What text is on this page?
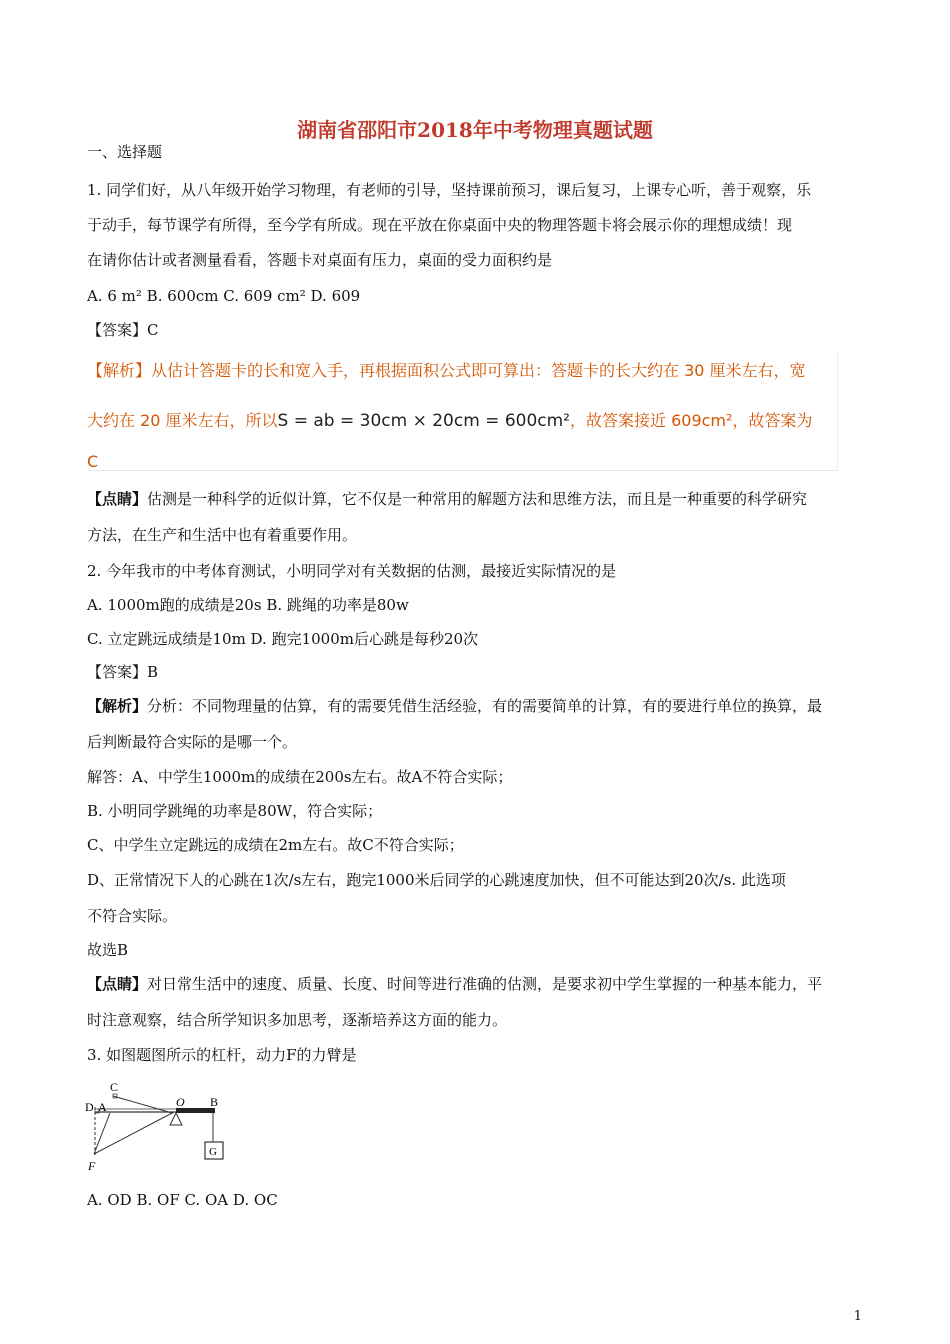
湖南省邵阳市2018年中考物理真题试题
一、选择题
1. 同学们好，从八年级开始学习物理，有老师的引导，坚持课前预习，课后复习，上课专心听，善于观察，乐
于动手，每节课学有所得，至今学有所成。现在平放在你桌面中央的物理答题卡将会展示你的理想成绩！现
在请你估计或者测量看看，答题卡对桌面有压力，桌面的受力面积约是
A. 6 m² B. 600cm C. 609 cm² D. 609
【答案】C
【解析】从估计答题卡的长和宽入手，再根据面积公式即可算出：答题卡的长大约在 30 厘米左右，宽
大约在 20 厘米左右，所以S = ab = 30cm × 20cm = 600cm²，故答案接近 609cm²，故答案为
C
【点睛】估测是一种科学的近似计算，它不仅是一种常用的解题方法和思维方法，而且是一种重要的科学研究
方法，在生产和生活中也有着重要作用。
2. 今年我市的中考体育测试，小明同学对有关数据的估测，最接近实际情况的是
A. 1000m跑的成绩是20s B. 跳绳的功率是80w
C. 立定跳远成绩是10m D. 跑完1000m后心跳是每秒20次
【答案】B
【解析】分析：不同物理量的估算，有的需要凭借生活经验，有的需要简单的计算，有的要进行单位的换算，最
后判断最符合实际的是哪一个。
解答：A、中学生1000m的成绩在200s左右。故A不符合实际；
B. 小明同学跳绳的功率是80W，符合实际；
C、中学生立定跳远的成绩在2m左右。故C不符合实际；
D、正常情况下人的心跳在1次/s左右，跑完1000米后同学的心跳速度加快，但不可能达到20次/s. 此选项
不符合实际。
故选B
【点睛】对日常生活中的速度、质量、长度、时间等进行准确的估测，是要求初中学生掌握的一种基本能力，平
时注意观察，结合所学知识多加思考，逐渐培养这方面的能力。
3. 如图题图所示的杠杆，动力F的力臂是
C
D A	O B
F
G
A. OD B. OF C. OA D. OC
1
